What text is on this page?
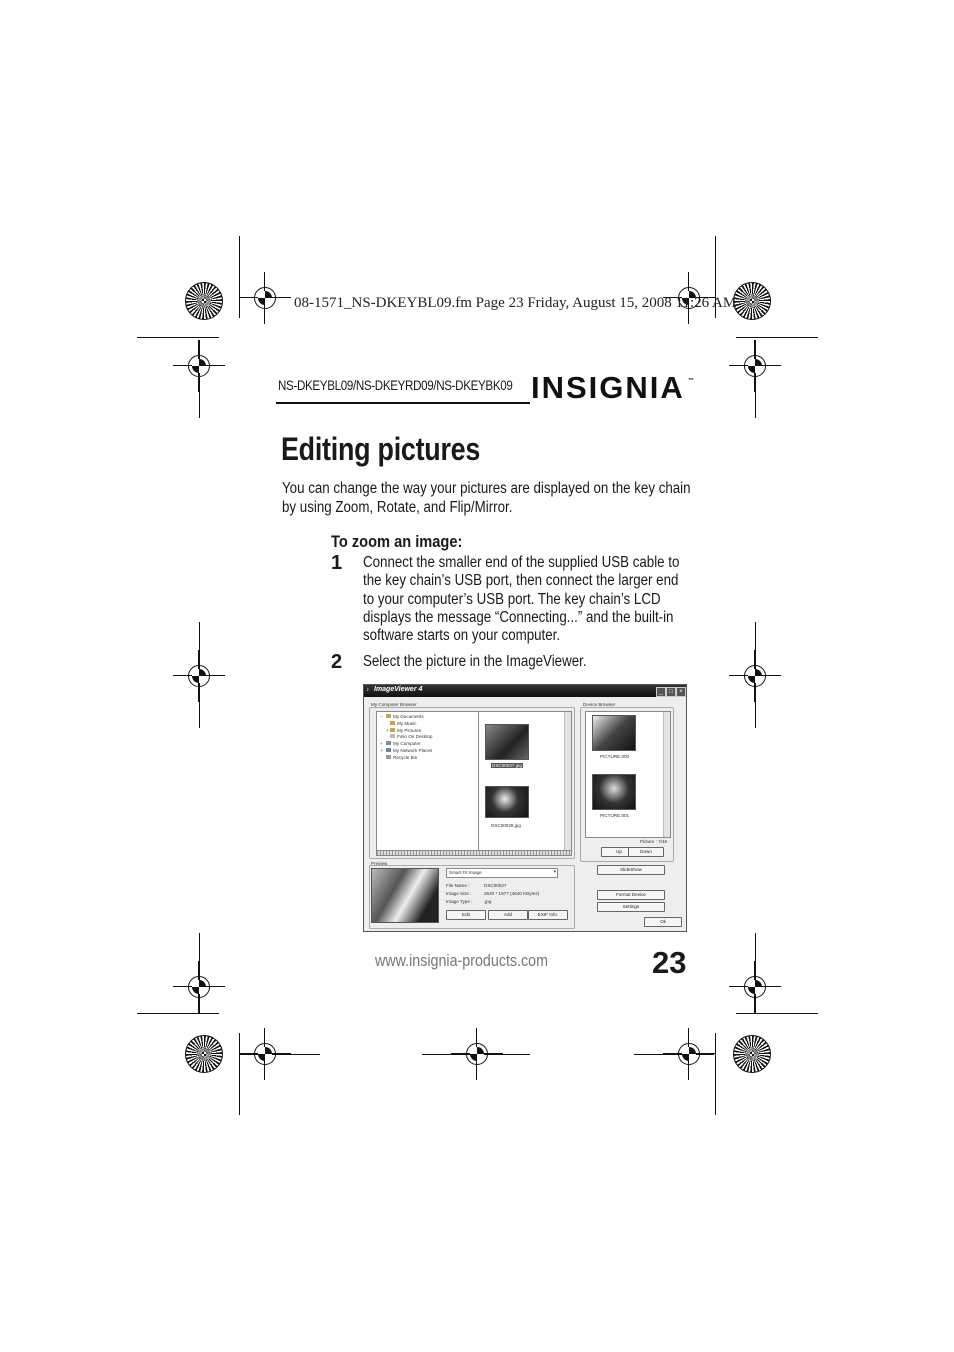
08-1571_NS-DKEYBL09.fm Page 23 Friday, August 15, 2008 11:26 AM
NS-DKEYBL09/NS-DKEYRD09/NS-DKEYBK09 INSIGNIA ™
Editing pictures
You can change the way your pictures are displayed on the key chain by using Zoom, Rotate, and Flip/Mirror.
To zoom an image:
1 Connect the smaller end of the supplied USB cable to the key chain’s USB port, then connect the larger end to your computer’s USB port. The key chain’s LCD displays the message “Connecting...” and the built-in software starts on your computer.
2 Select the picture in the ImageViewer.
♪ ImageViewer 4	_	□	×
My Computer Browser
− My Documents
My Music
+ My Pictures
Folio On Desktop
+ My Computer
+ My Network Places
Recycle Bin
DSC00027.jpg
DSC00028.jpg
Device Browser
PICTURE.000
PICTURE.001
Picture : 7/46
Up	Down
Preview
Smart Fit Image	▾
File Name :	DSC00027
Image Size :	2640 * 1977 (4640 KBytes)
Image Type :	.jpg
Edit	Add	EXIF Info.
SlideShow
Format Device
Settings
Ok
www.insignia-products.com	23
